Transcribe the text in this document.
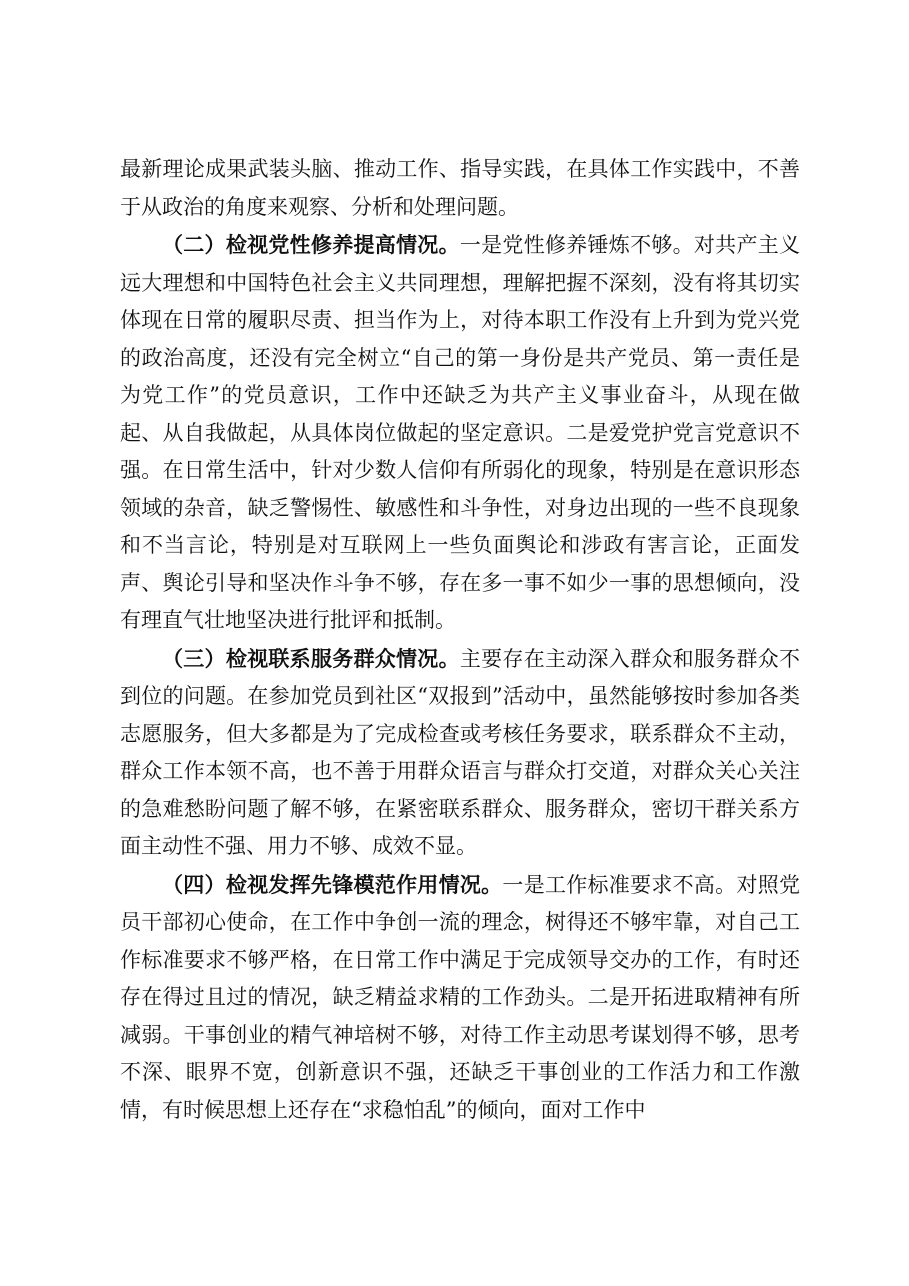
最新理论成果武装头脑、推动工作、指导实践，在具体工作实践中，不善于从政治的角度来观察、分析和处理问题。

（二）检视党性修养提高情况。一是党性修养锤炼不够。对共产主义远大理想和中国特色社会主义共同理想，理解把握不深刻，没有将其切实体现在日常的履职尽责、担当作为上，对待本职工作没有上升到为党兴党的政治高度，还没有完全树立“自己的第一身份是共产党员、第一责任是为党工作”的党员意识，工作中还缺乏为共产主义事业奋斗，从现在做起、从自我做起，从具体岗位做起的坚定意识。二是爱党护党言党意识不强。在日常生活中，针对少数人信仰有所弱化的现象，特别是在意识形态领域的杂音，缺乏警惕性、敏感性和斗争性，对身边出现的一些不良现象和不当言论，特别是对互联网上一些负面舆论和涉政有害言论，正面发声、舆论引导和坚决作斗争不够，存在多一事不如少一事的思想倾向，没有理直气壮地坚决进行批评和抵制。

（三）检视联系服务群众情况。主要存在主动深入群众和服务群众不到位的问题。在参加党员到社区“双报到”活动中，虽然能够按时参加各类志愿服务，但大多都是为了完成检查或考核任务要求，联系群众不主动，群众工作本领不高，也不善于用群众语言与群众打交道，对群众关心关注的急难愁盼问题了解不够，在紧密联系群众、服务群众，密切干群关系方面主动性不强、用力不够、成效不显。

（四）检视发挥先锋模范作用情况。一是工作标准要求不高。对照党员干部初心使命，在工作中争创一流的理念，树得还不够牢靠，对自己工作标准要求不够严格，在日常工作中满足于完成领导交办的工作，有时还存在得过且过的情况，缺乏精益求精的工作劲头。二是开拓进取精神有所减弱。干事创业的精气神培树不够，对待工作主动思考谋划得不够，思考不深、眼界不宽，创新意识不强，还缺乏干事创业的工作活力和工作激情，有时候思想上还存在“求稳怕乱”的倾向，面对工作中
